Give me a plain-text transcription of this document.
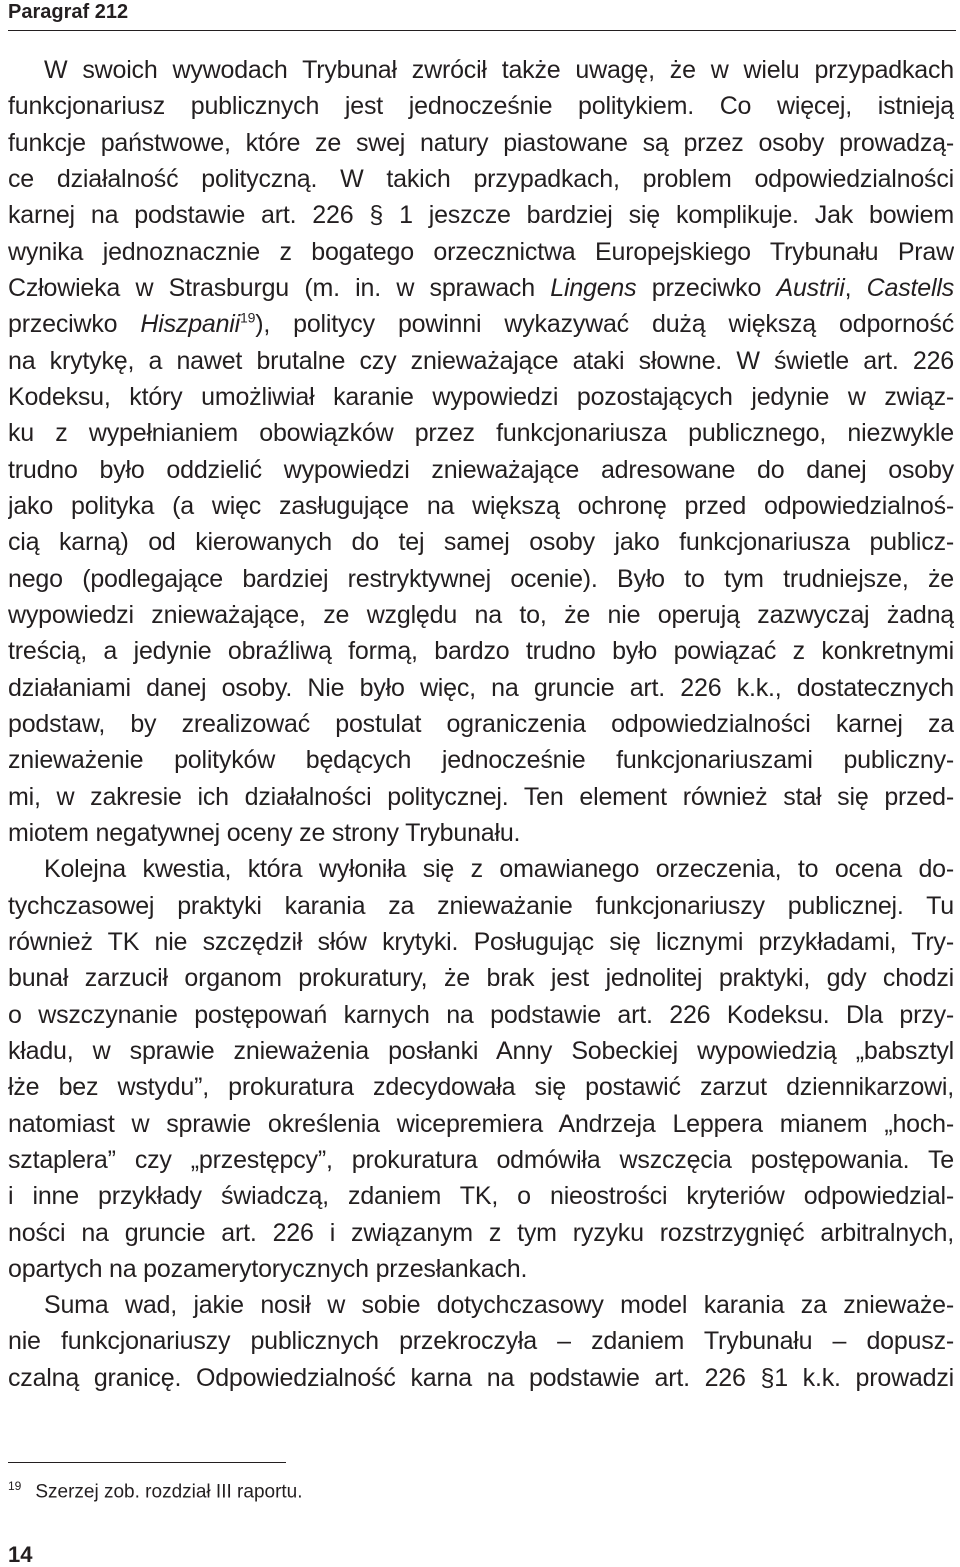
Paragraf 212
W swoich wywodach Trybunał zwrócił także uwagę, że w wielu przypadkach
funkcjonariusz publicznych jest jednocześnie politykiem. Co więcej, istnieją
funkcje państwowe, które ze swej natury piastowane są przez osoby prowadzą-
ce działalność polityczną. W takich przypadkach, problem odpowiedzialności
karnej na podstawie art. 226 § 1 jeszcze bardziej się komplikuje. Jak bowiem
wynika jednoznacznie z bogatego orzecznictwa Europejskiego Trybunału Praw
Człowieka w Strasburgu (m. in. w sprawach Lingens przeciwko Austrii, Castells
przeciwko Hiszpanii$^{19}$), politycy powinni wykazywać dużą większą odporność
na krytykę, a nawet brutalne czy znieważające ataki słowne. W świetle art. 226
Kodeksu, który umożliwiał karanie wypowiedzi pozostających jedynie w związ-
ku z wypełnianiem obowiązków przez funkcjonariusza publicznego, niezwykle
trudno było oddzielić wypowiedzi znieważające adresowane do danej osoby
jako polityka (a więc zasługujące na większą ochronę przed odpowiedzialnoś-
cią karną) od kierowanych do tej samej osoby jako funkcjonariusza publicz-
nego (podlegające bardziej restryktywnej ocenie). Było to tym trudniejsze, że
wypowiedzi znieważające, ze względu na to, że nie operują zazwyczaj żadną
treścią, a jedynie obraźliwą formą, bardzo trudno było powiązać z konkretnymi
działaniami danej osoby. Nie było więc, na gruncie art. 226 k.k., dostatecznych
podstaw, by zrealizować postulat ograniczenia odpowiedzialności karnej za
znieważenie polityków będących jednocześnie funkcjonariuszami publiczny-
mi, w zakresie ich działalności politycznej. Ten element również stał się przed-
miotem negatywnej oceny ze strony Trybunału.
Kolejna kwestia, która wyłoniła się z omawianego orzeczenia, to ocena do-
tychczasowej praktyki karania za znieważanie funkcjonariuszy publicznej. Tu
również TK nie szczędził słów krytyki. Posługując się licznymi przykładami, Try-
bunał zarzucił organom prokuratury, że brak jest jednolitej praktyki, gdy chodzi
o wszczynanie postępowań karnych na podstawie art. 226 Kodeksu. Dla przy-
kładu, w sprawie znieważenia posłanki Anny Sobeckiej wypowiedzią „babsztyl
łże bez wstydu”, prokuratura zdecydowała się postawić zarzut dziennikarzowi,
natomiast w sprawie określenia wicepremiera Andrzeja Leppera mianem „hoch-
sztaplera” czy „przestępcy”, prokuratura odmówiła wszczęcia postępowania. Te
i inne przykłady świadczą, zdaniem TK, o nieostrości kryteriów odpowiedzial-
ności na gruncie art. 226 i związanym z tym ryzyku rozstrzygnięć arbitralnych,
opartych na pozamerytorycznych przesłankach.
Suma wad, jakie nosił w sobie dotychczasowy model karania za znieważe-
nie funkcjonariuszy publicznych przekroczyła – zdaniem Trybunału – dopusz-
czalną granicę. Odpowiedzialność karna na podstawie art. 226 §1 k.k. prowadzi
$^{19}$ Szerzej zob. rozdział III raportu.
14
